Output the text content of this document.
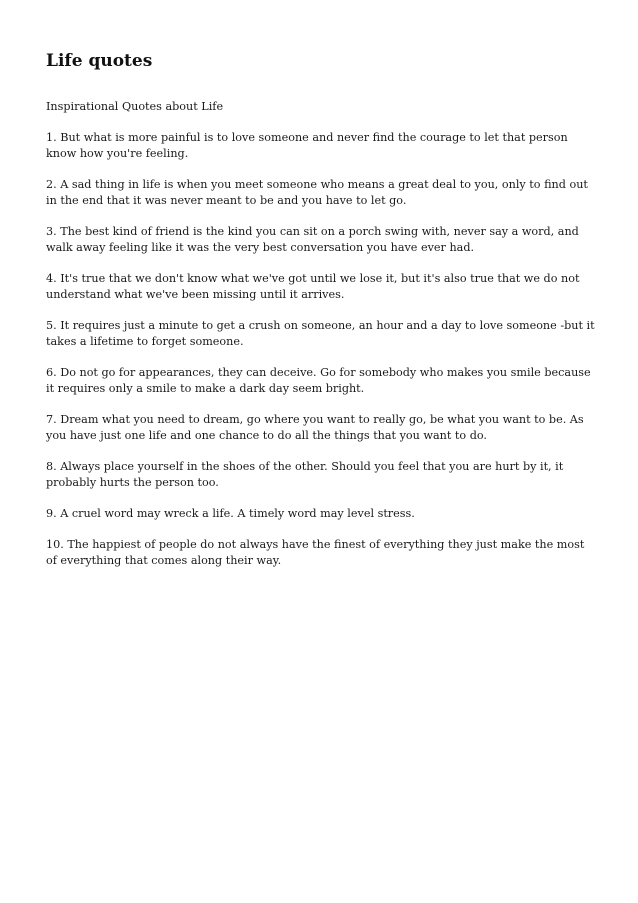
Life quotes

Inspirational Quotes about Life

1. But what is more painful is to love someone and never find the courage to let that person know how you're feeling.

2. A sad thing in life is when you meet someone who means a great deal to you, only to find out in the end that it was never meant to be and you have to let go.

3. The best kind of friend is the kind you can sit on a porch swing with, never say a word, and walk away feeling like it was the very best conversation you have ever had.

4. It's true that we don't know what we've got until we lose it, but it's also true that we do not understand what we've been missing until it arrives.

5. It requires just a minute to get a crush on someone, an hour and a day to love someone -but it takes a lifetime to forget someone.

6. Do not go for appearances, they can deceive. Go for somebody who makes you smile because it requires only a smile to make a dark day seem bright.

7. Dream what you need to dream, go where you want to really go, be what you want to be. As you have just one life and one chance to do all the things that you want to do.

8. Always place yourself in the shoes of the other. Should you feel that you are hurt by it, it probably hurts the person too.

9. A cruel word may wreck a life. A timely word may level stress.

10. The happiest of people do not always have the finest of everything they just make the most of everything that comes along their way.
